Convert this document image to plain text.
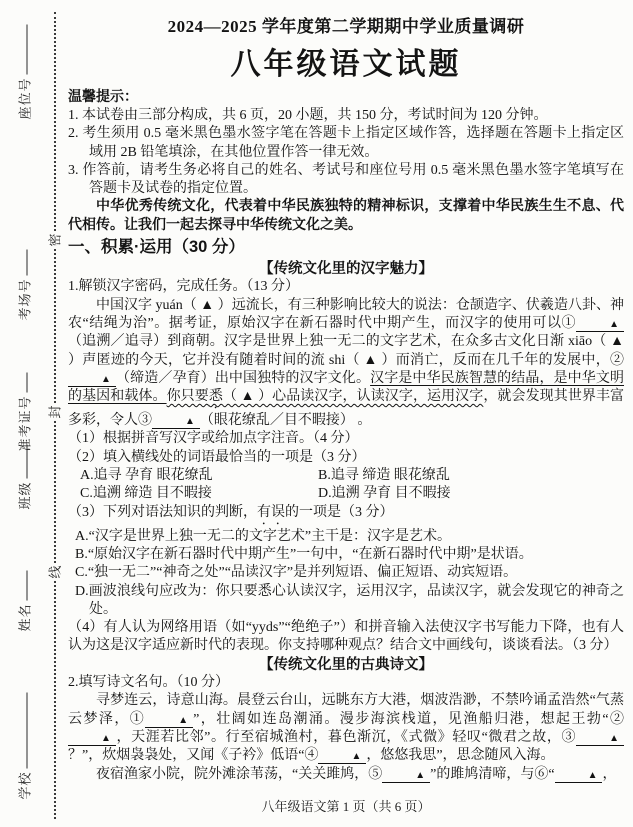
座位号
考场号
准考证号
班级
姓名
学校
密
封
线
2024—2025 学年度第二学期期中学业质量调研
八年级语文试题
温馨提示：
1. 本试卷由三部分构成，共 6 页，20 小题，共 150 分，考试时间为 120 分钟。
2. 考生须用 0.5 毫米黑色墨水签字笔在答题卡上指定区域作答，选择题在答题卡上指定区域用 2B 铅笔填涂，在其他位置作答一律无效。
3. 作答前，请考生务必将自己的姓名、考试号和座位号用 0.5 毫米黑色墨水签字笔填写在答题卡及试卷的指定位置。

中华优秀传统文化，代表着中华民族独特的精神标识，支撑着中华民族生生不息、代代相传。让我们一起去探寻中华传统文化之美。

一、积累·运用（30 分）
【传统文化里的汉字魅力】
1.解锁汉字密码，完成任务。（13 分）

中国汉字 yuán（ ▲ ）远流长，有三种影响比较大的说法：仓颉造字、伏羲造八卦、神农“结绳为治”。据考证，原始汉字在新石器时代中期产生，而汉字的使用可以①	▲（追溯／追寻）到商朝。汉字是世界上独一无二的文字艺术，在众多古文化日渐 xiāo（ ▲ ）声匿迹的今天，它并没有随着时间的流 shi（ ▲ ）而消亡，反而在几千年的发展中，②▲ （缔造／孕育）出中国独特的汉字文化。汉字是中华民族智慧的结晶，是中华文明的基因和载体。你只要悉（ ▲ ）心品读汉字，认读汉字，运用汉字，就会发现其世界丰富多彩，令人③	▲ （眼花缭乱／目不暇接） 。

（1）根据拼音写汉字或给加点字注音。（4 分）
（2）填入横线处的词语最恰当的一项是（3 分）
A.追寻 孕育 眼花缭乱	B.追寻 缔造 眼花缭乱
C.追溯 缔造 目不暇接	D.追溯 孕育 目不暇接
（3）下列对语法知识的判断，有误的一项是（3 分）
A.“汉字是世界上独一无二的文字艺术”主干是：汉字是艺术。
B.“原始汉字在新石器时代中期产生”一句中，“在新石器时代中期”是状语。
C.“独一无二”“神奇之处”“品读汉字”是并列短语、偏正短语、动宾短语。
D.画波浪线句应改为：你只要悉心认读汉字，运用汉字，品读汉字，就会发现它的神奇之处。
（4）有人认为网络用语（如“yyds”“绝绝子”）和拼音输入法使汉字书写能力下降，也有人认为这是汉字适应新时代的表现。你支持哪种观点？结合文中画线句，谈谈看法。（3 分）
【传统文化里的古典诗文】
2.填写诗文名句。（10 分）

寻梦连云，诗意山海。晨登云台山，远眺东方大港，烟波浩渺，不禁吟诵孟浩然“气蒸云梦泽，①	▲ ”，壮阔如连岛潮涌。漫步海滨栈道，见渔船归港，想起王勃“②▲ ，天涯若比邻”。行至宿城渔村，暮色渐沉，《式微》轻叹“微君之故，③	▲？”，炊烟袅袅处，又闻《子衿》低语“④	▲ ，悠悠我思”，思念随风入海。

夜宿渔家小院，院外滩涂苇荡，“关关雎鸠，⑤	▲ ”的雎鸠清啼，与⑥“	▲ ，

八年级语文第 1 页（共 6 页）
